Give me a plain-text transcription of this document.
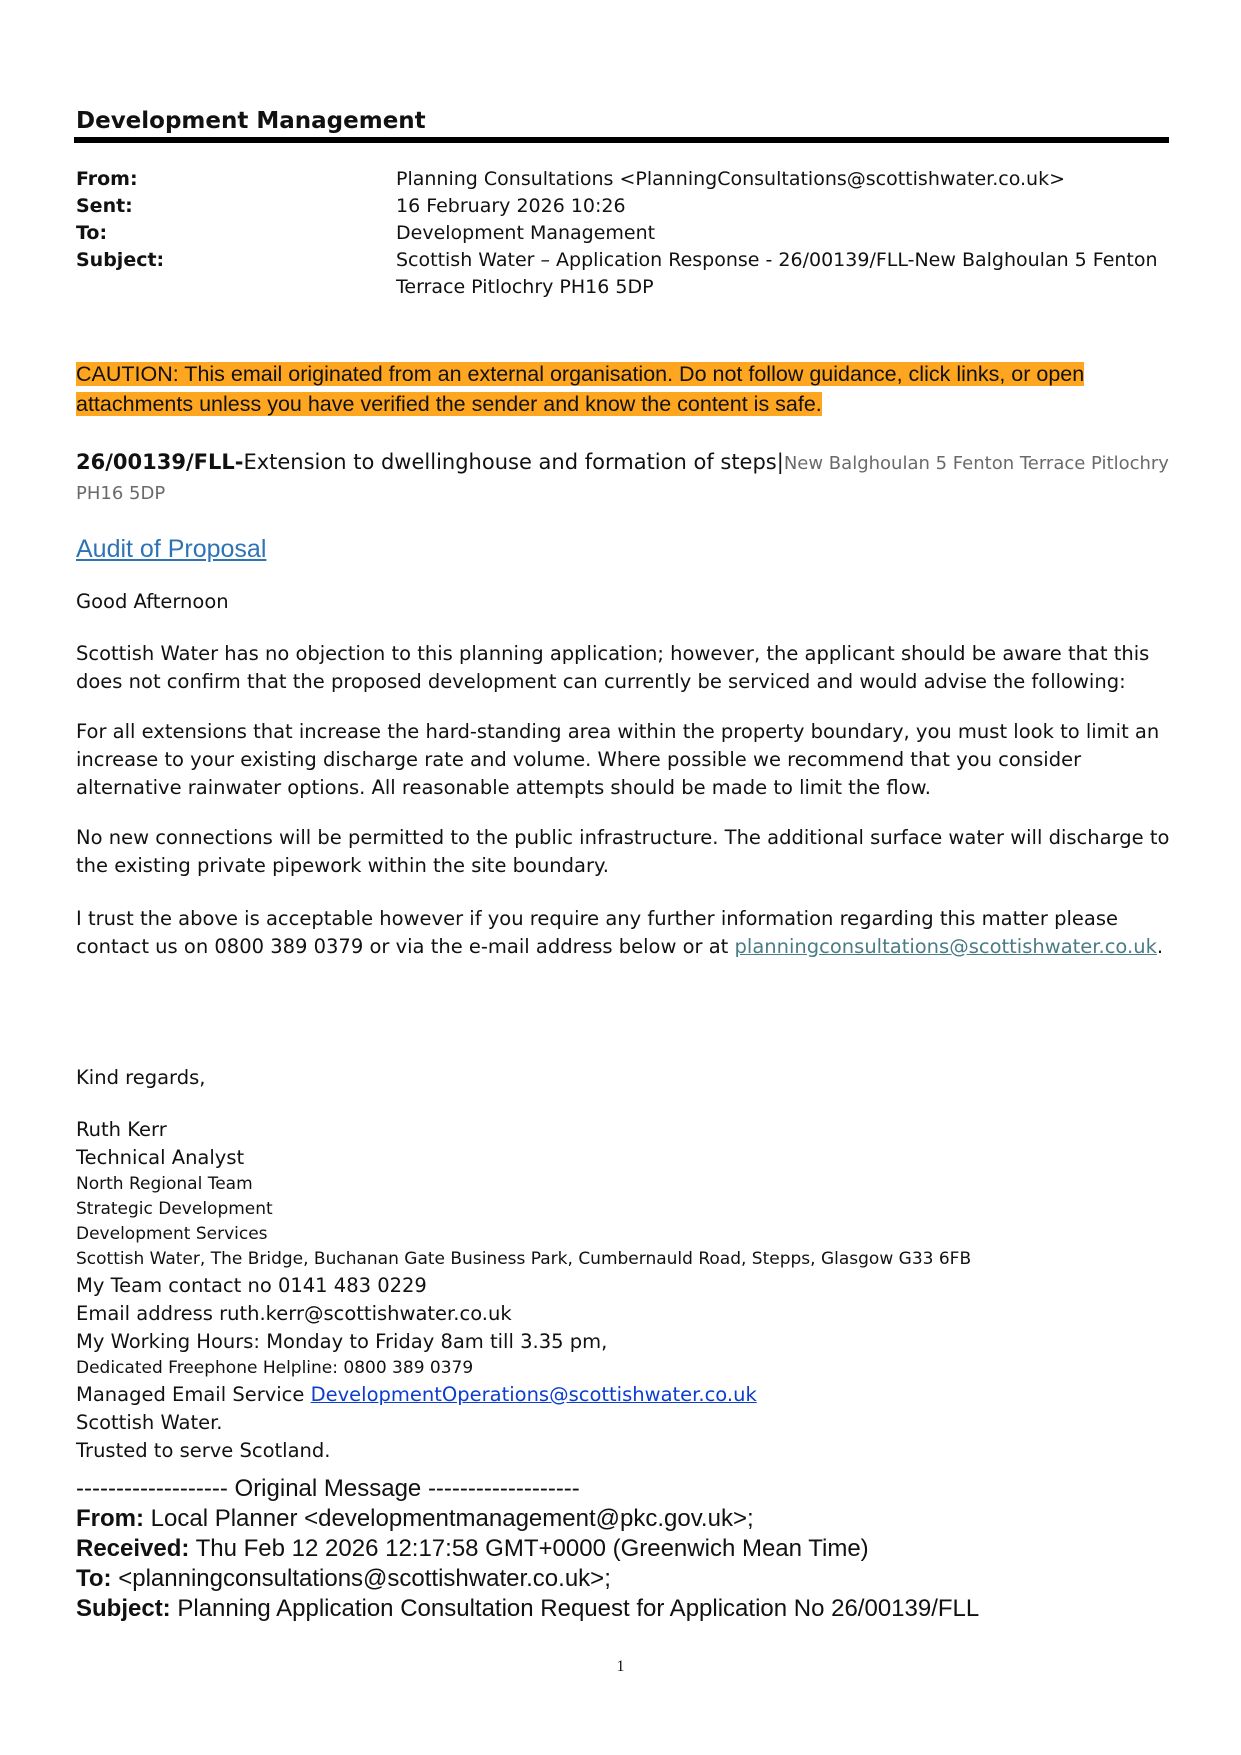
Development Management
From:	Planning Consultations <PlanningConsultations@scottishwater.co.uk>
Sent:	16 February 2026 10:26
To:	Development Management
Subject:	Scottish Water – Application Response - 26/00139/FLL-New Balghoulan 5 Fenton Terrace Pitlochry PH16 5DP
CAUTION: This email originated from an external organisation. Do not follow guidance, click links, or open attachments unless you have verified the sender and know the content is safe.
26/00139/FLL-Extension to dwellinghouse and formation of steps|New Balghoulan 5 Fenton Terrace Pitlochry PH16 5DP
Audit of Proposal
Good Afternoon
Scottish Water has no objection to this planning application; however, the applicant should be aware that this does not confirm that the proposed development can currently be serviced and would advise the following:
For all extensions that increase the hard-standing area within the property boundary, you must look to limit an increase to your existing discharge rate and volume. Where possible we recommend that you consider alternative rainwater options. All reasonable attempts should be made to limit the flow.
No new connections will be permitted to the public infrastructure. The additional surface water will discharge to the existing private pipework within the site boundary.
I trust the above is acceptable however if you require any further information regarding this matter please contact us on 0800 389 0379 or via the e-mail address below or at planningconsultations@scottishwater.co.uk.
Kind regards,
Ruth Kerr
Technical Analyst
North Regional Team
Strategic Development
Development Services
Scottish Water, The Bridge, Buchanan Gate Business Park, Cumbernauld Road, Stepps, Glasgow G33 6FB
My Team contact no 0141 483 0229
Email address ruth.kerr@scottishwater.co.uk
My Working Hours: Monday to Friday 8am till 3.35 pm,
Dedicated Freephone Helpline: 0800 389 0379
Managed Email Service DevelopmentOperations@scottishwater.co.uk
Scottish Water.
Trusted to serve Scotland.
------------------- Original Message -------------------
From: Local Planner <developmentmanagement@pkc.gov.uk>;
Received: Thu Feb 12 2026 12:17:58 GMT+0000 (Greenwich Mean Time)
To: <planningconsultations@scottishwater.co.uk>;
Subject: Planning Application Consultation Request for Application No 26/00139/FLL
1
